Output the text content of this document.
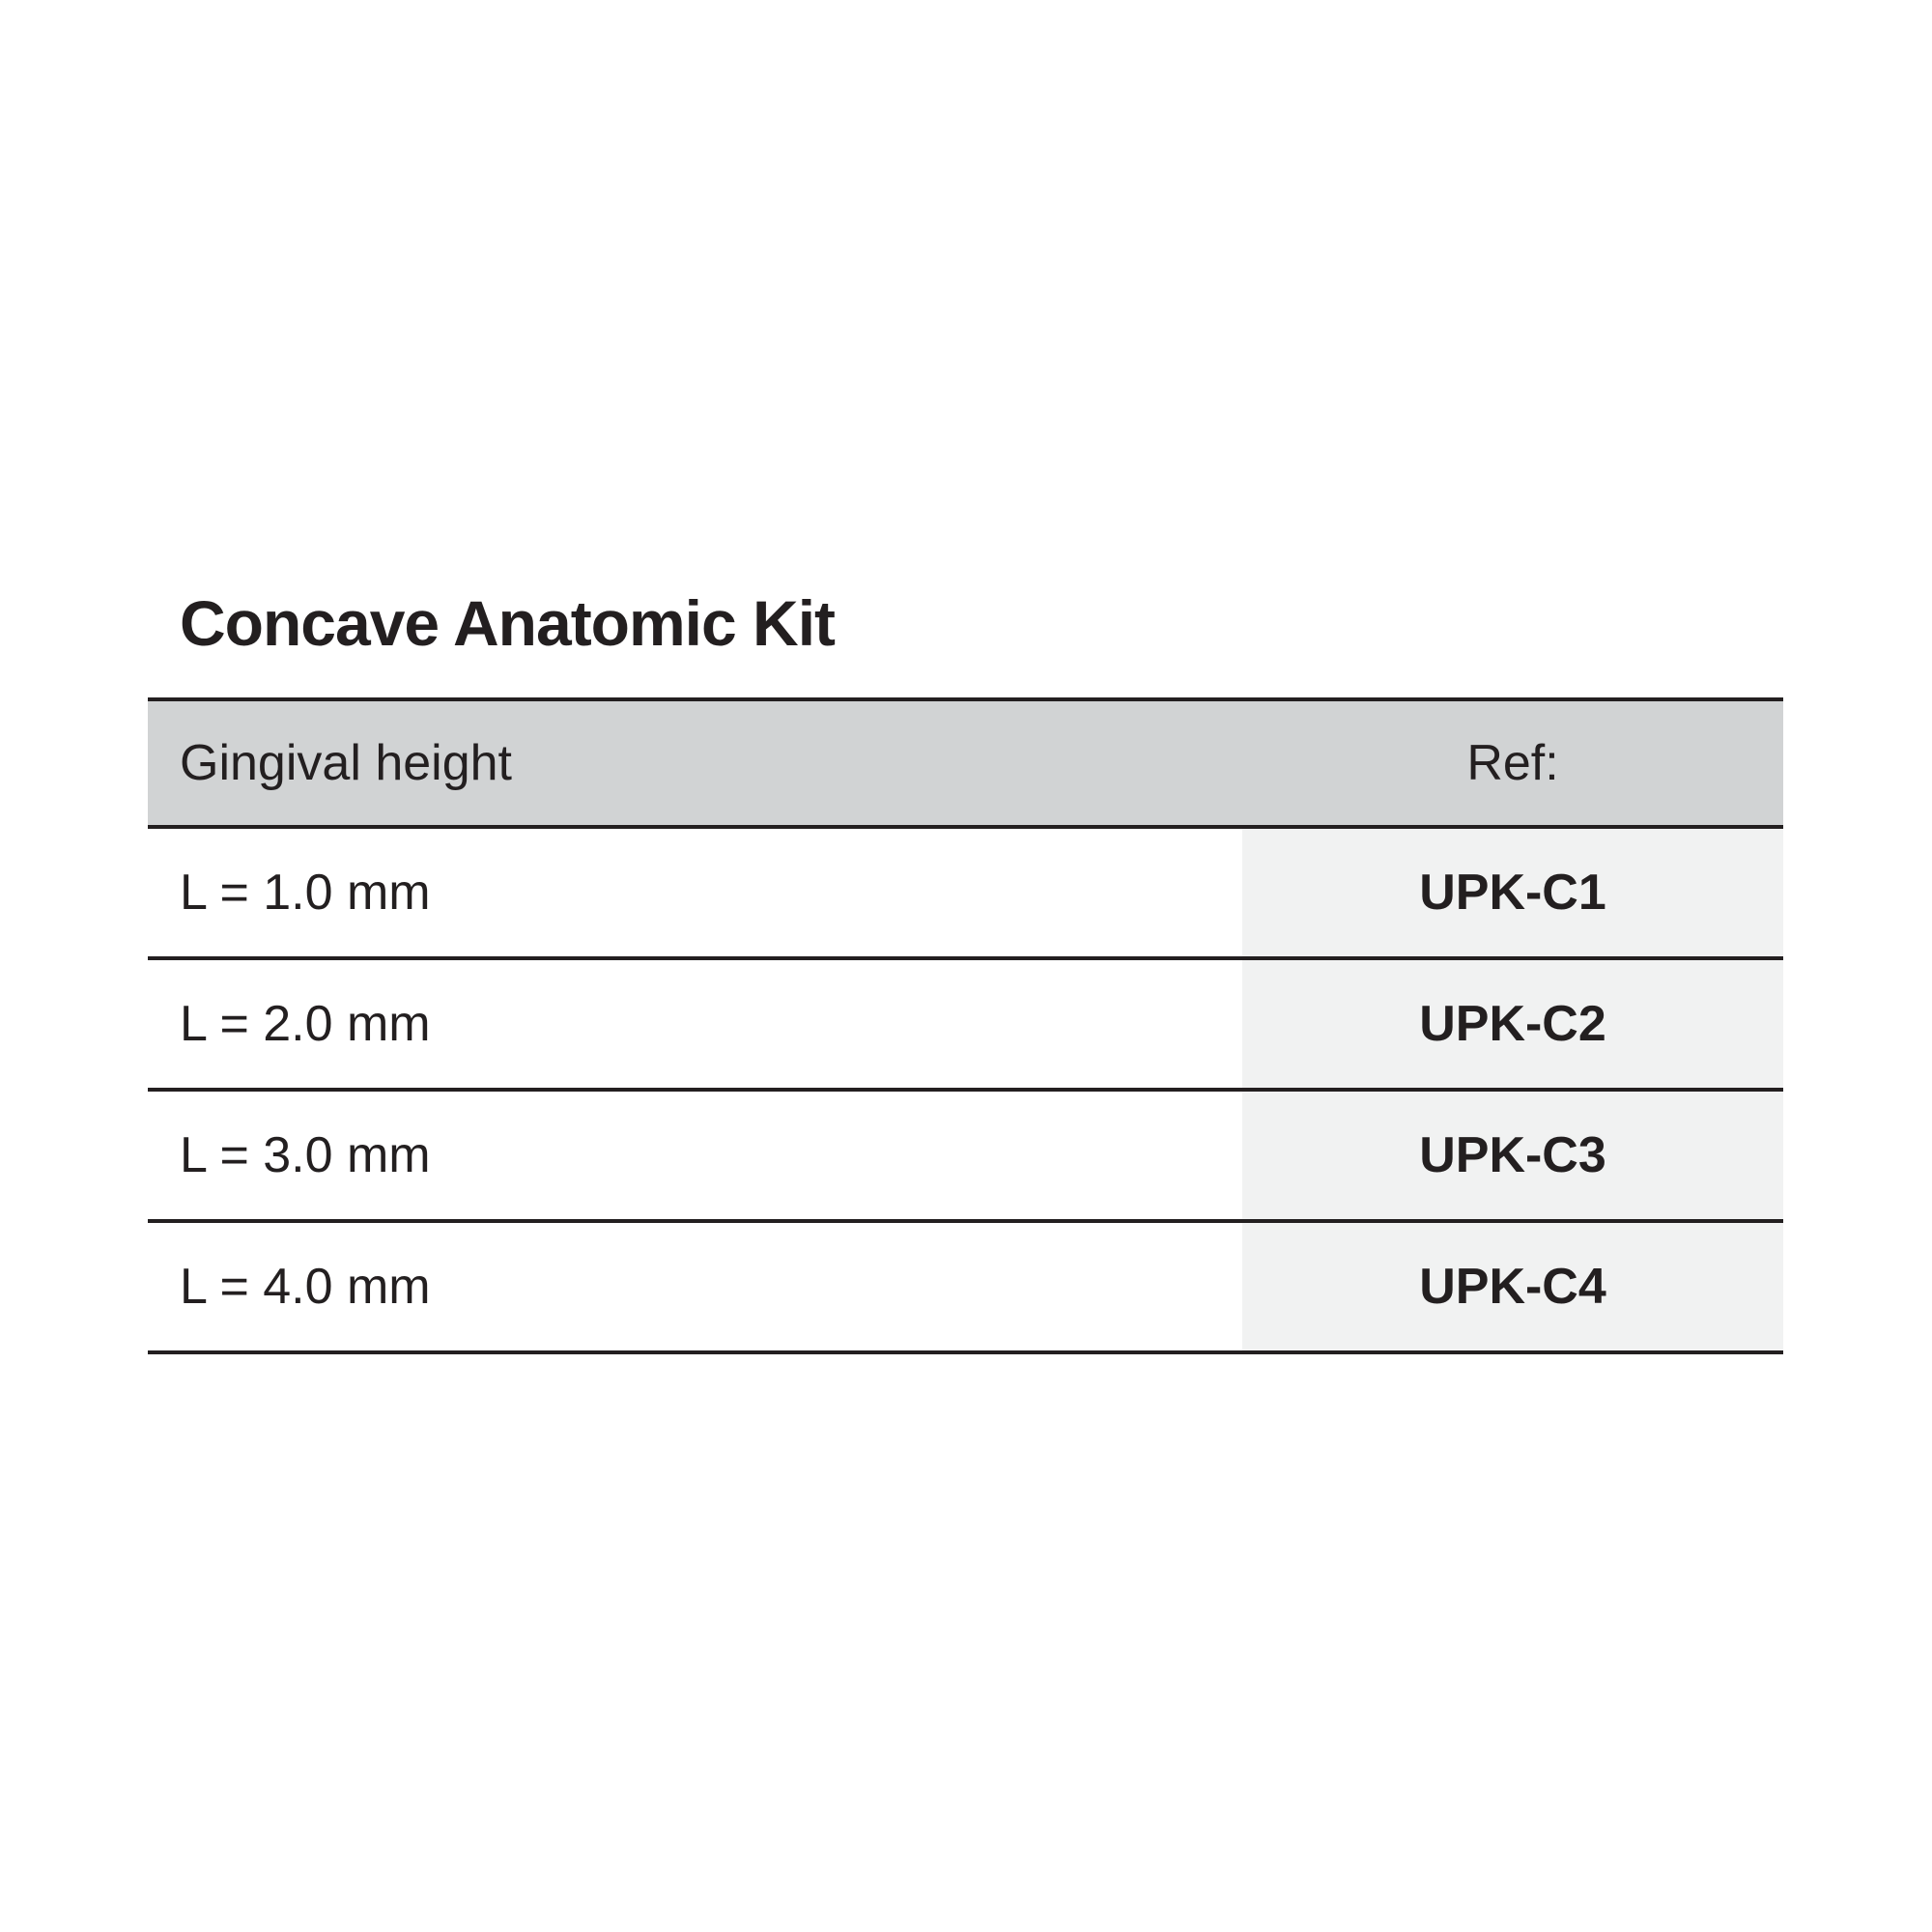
Concave Anatomic Kit
Gingival height	Ref:
L = 1.0 mm	UPK-C1
L = 2.0 mm	UPK-C2
L = 3.0 mm	UPK-C3
L = 4.0 mm	UPK-C4
